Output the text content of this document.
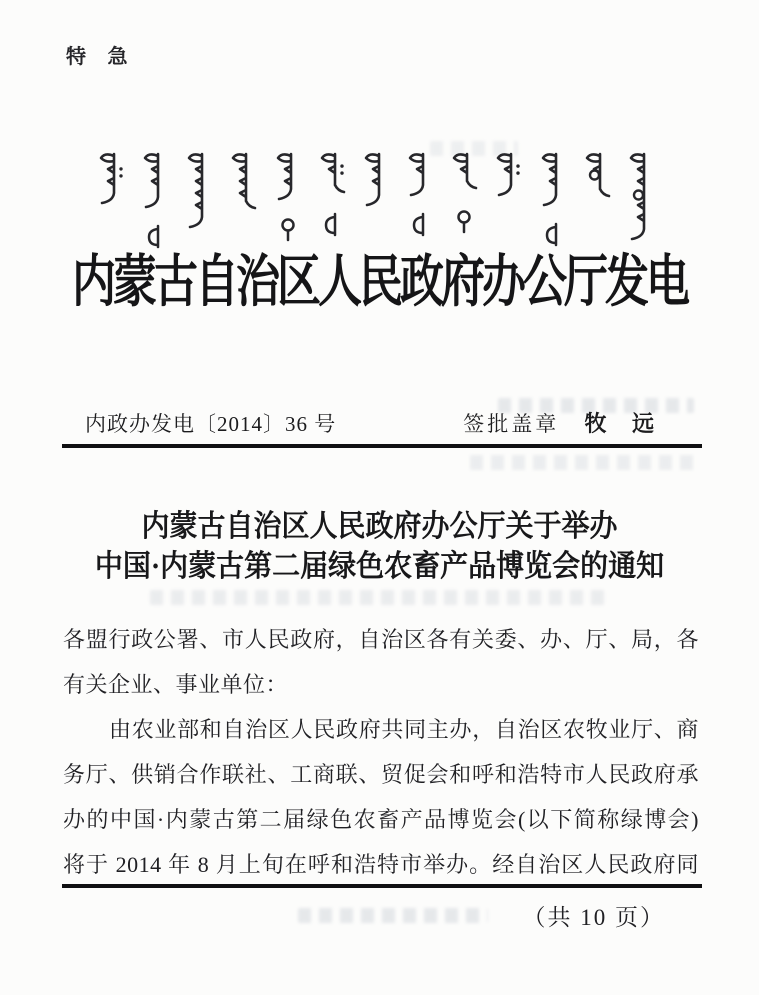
特 急
内蒙古自治区人民政府办公厅发电
内政办发电〔2014〕36 号	签批盖章 牧 远
内蒙古自治区人民政府办公厅关于举办
中国·内蒙古第二届绿色农畜产品博览会的通知
各盟行政公署、市人民政府，自治区各有关委、办、厅、局，各
有关企业、事业单位：
由农业部和自治区人民政府共同主办，自治区农牧业厅、商
务厅、供销合作联社、工商联、贸促会和呼和浩特市人民政府承
办的中国·内蒙古第二届绿色农畜产品博览会(以下简称绿博会)
将于 2014 年 8 月上旬在呼和浩特市举办。经自治区人民政府同
（共 10 页）
